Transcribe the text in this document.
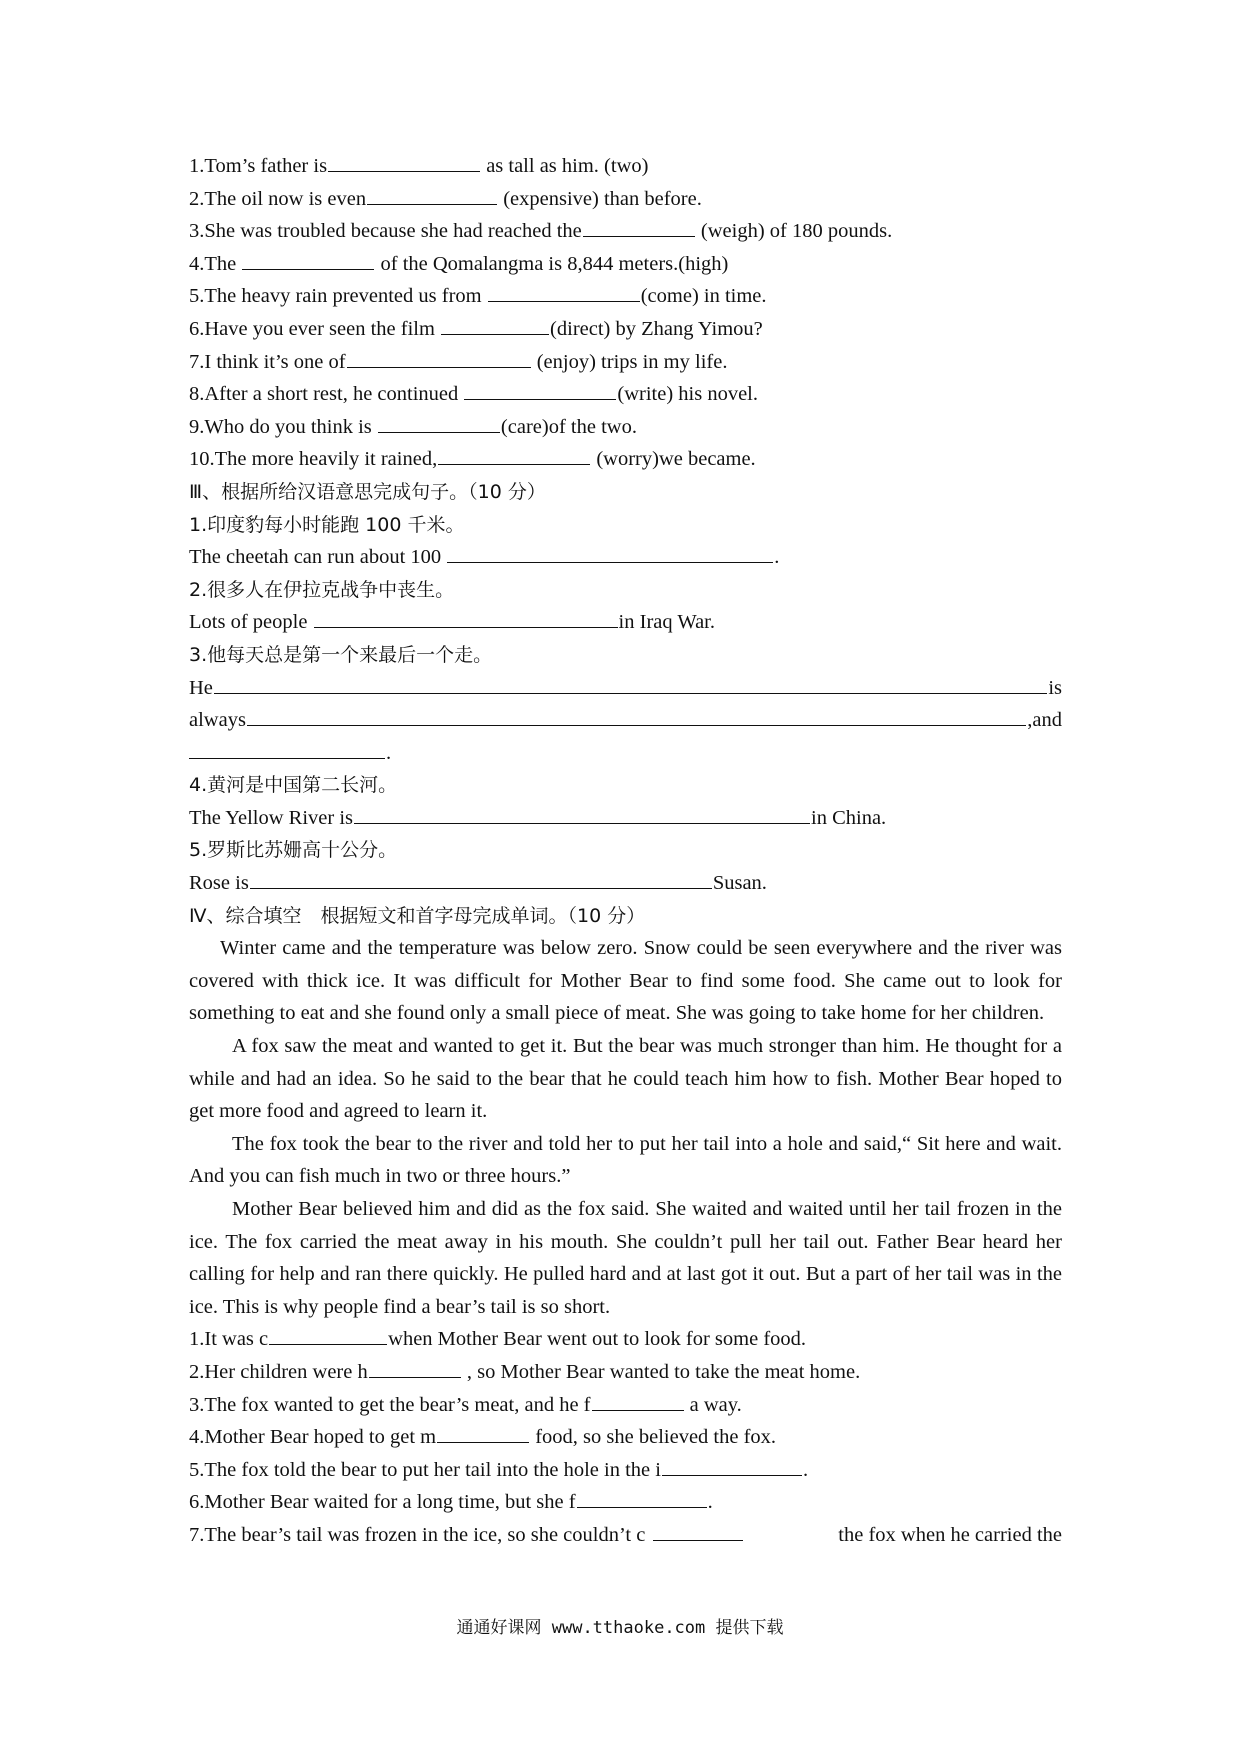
1.Tom’s father is	as tall as him. (two)
2.The oil now is even	(expensive) than before.
3.She was troubled because she had reached the	(weigh) of 180 pounds.
4.The	of the Qomalangma is 8,844 meters.(high)
5.The heavy rain prevented us from	(come) in time.
6.Have you ever seen the film	(direct) by Zhang Yimou?
7.I think it’s one of	(enjoy) trips in my life.
8.After a short rest, he continued	(write) his novel.
9.Who do you think is	(care)of the two.
10.The more heavily it rained,	(worry)we became.
Ⅲ、根据所给汉语意思完成句子。（10 分）
1.印度豹每小时能跑 100 千米。
The cheetah can run about 100	.
2.很多人在伊拉克战争中丧生。
Lots of people	in Iraq War.
3.他每天总是第一个来最后一个走。
He	is
always	,and
.
4.黄河是中国第二长河。
The Yellow River is	in China.
5.罗斯比苏姗高十公分。
Rose is	Susan.
Ⅳ、综合填空　根据短文和首字母完成单词。（10 分）

Winter came and the temperature was below zero. Snow could be seen everywhere and the river was covered with thick ice. It was difficult for Mother Bear to find some food. She came out to look for something to eat and she found only a small piece of meat. She was going to take home for her children.

A fox saw the meat and wanted to get it. But the bear was much stronger than him. He thought for a while and had an idea. So he said to the bear that he could teach him how to fish. Mother Bear hoped to get more food and agreed to learn it.

The fox took the bear to the river and told her to put her tail into a hole and said,“ Sit here and wait. And you can fish much in two or three hours.”

Mother Bear believed him and did as the fox said. She waited and waited until her tail frozen in the ice. The fox carried the meat away in his mouth. She couldn’t pull her tail out. Father Bear heard her calling for help and ran there quickly. He pulled hard and at last got it out. But a part of her tail was in the ice. This is why people find a bear’s tail is so short.

1.It was c	when Mother Bear went out to look for some food.
2.Her children were h	, so Mother Bear wanted to take the meat home.
3.The fox wanted to get the bear’s meat, and he f	a way.
4.Mother Bear hoped to get m	food, so she believed the fox.
5.The fox told the bear to put her tail into the hole in the i	.
6.Mother Bear waited for a long time, but she f	.
7.The bear’s tail was frozen in the ice, so she couldn’t c	the fox when he carried the
通通好课网 www.tthaoke.com 提供下载
